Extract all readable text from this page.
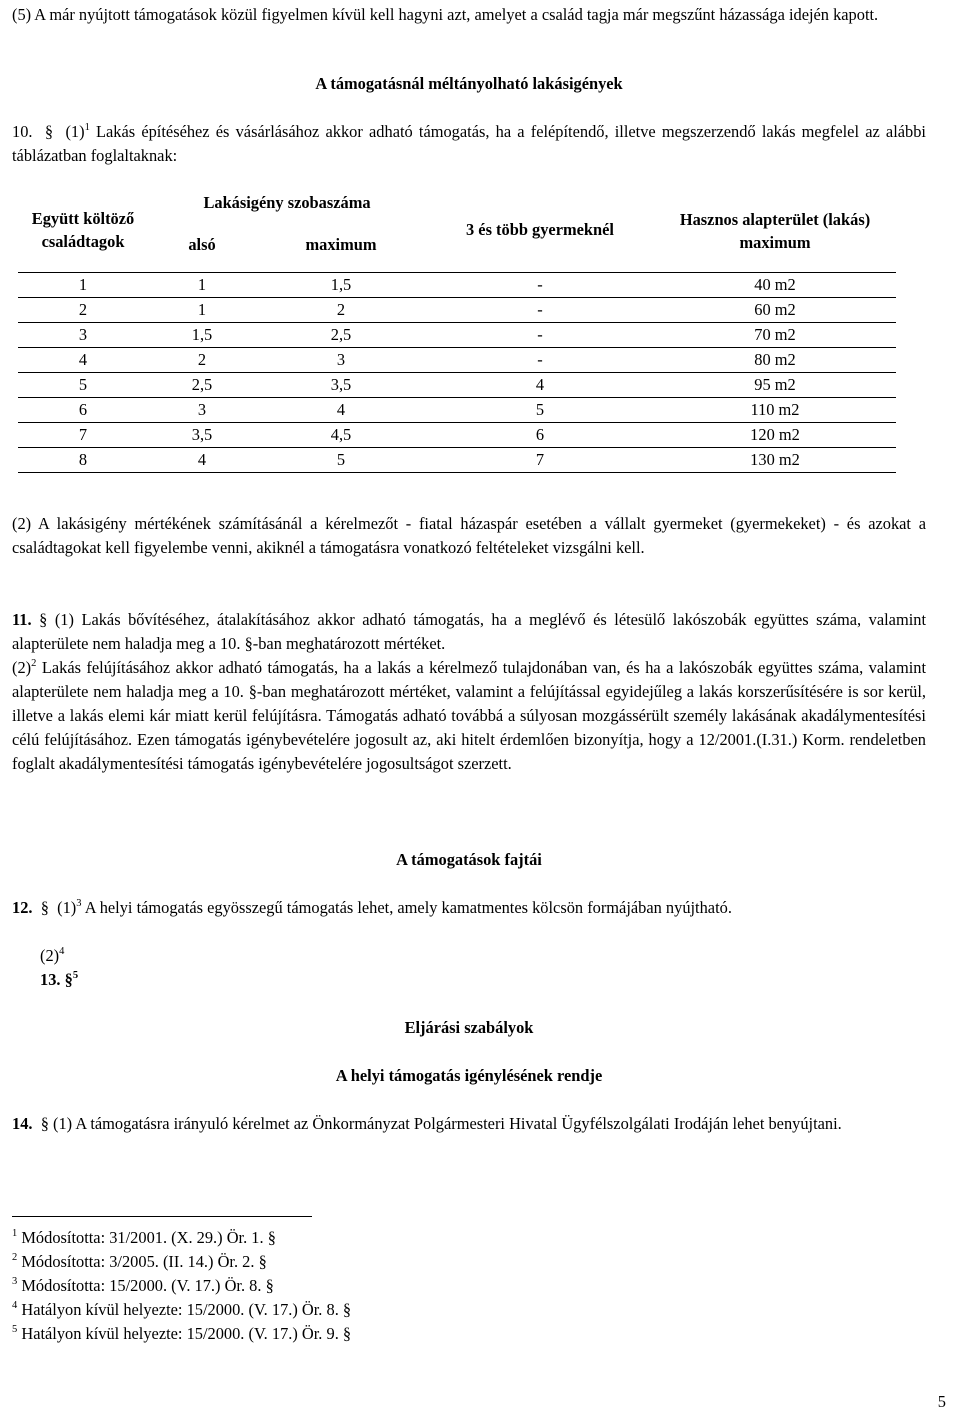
(5) A már nyújtott támogatások közül figyelmen kívül kell hagyni azt, amelyet a család tagja már megszűnt házassága idején kapott.

A támogatásnál méltányolható lakásigények

10. § $(1)^1$ Lakás építéséhez és vásárlásához akkor adható támogatás, ha a felépítendő, illetve megszerzendő lakás megfelel az alábbi táblázatban foglaltaknak:

Együtt költöző családtagok	Lakásigény szobaszáma		3 és több gyermeknél	Hasznos alapterület (lakás) maximum
	alsó	maximum		
1	1	1,5	-	40 m2
2	1	2	-	60 m2
3	1,5	2,5	-	70 m2
4	2	3	-	80 m2
5	2,5	3,5	4	95 m2
6	3	4	5	110 m2
7	3,5	4,5	6	120 m2
8	4	5	7	130 m2

(2) A lakásigény mértékének számításánál a kérelmezőt - fiatal házaspár esetében a vállalt gyermeket (gyermekeket) - és azokat a családtagokat kell figyelembe venni, akiknél a támogatásra vonatkozó feltételeket vizsgálni kell.

11. § (1) Lakás bővítéséhez, átalakításához akkor adható támogatás, ha a meglévő és létesülő lakószobák együttes száma, valamint alapterülete nem haladja meg a 10. §-ban meghatározott mértéket.

$(2)^2$ Lakás felújításához akkor adható támogatás, ha a lakás a kérelmező tulajdonában van, és ha a lakószobák együttes száma, valamint alapterülete nem haladja meg a 10. §-ban meghatározott mértéket, valamint a felújítással egyidejűleg a lakás korszerűsítésére is sor kerül, illetve a lakás elemi kár miatt kerül felújításra. Támogatás adható továbbá a súlyosan mozgássérült személy lakásának akadálymentesítési célú felújításához. Ezen támogatás igénybevételére jogosult az, aki hitelt érdemlően bizonyítja, hogy a 12/2001.(I.31.) Korm. rendeletben foglalt akadálymentesítési támogatás igénybevételére jogosultságot szerzett.

A támogatások fajtái

12. § $(1)^3$ A helyi támogatás egyösszegű támogatás lehet, amely kamatmentes kölcsön formájában nyújtható.

$(2)^4$

13. §$^5$

Eljárási szabályok

A helyi támogatás igénylésének rendje

14. § (1) A támogatásra irányuló kérelmet az Önkormányzat Polgármesteri Hivatal Ügyfélszolgálati Irodáján lehet benyújtani.

$^1$ Módosította: 31/2001. (X. 29.) Ör. 1. §
$^2$ Módosította: 3/2005. (II. 14.) Ör. 2. §
$^3$ Módosította: 15/2000. (V. 17.) Ör. 8. §
$^4$ Hatályon kívül helyezte: 15/2000. (V. 17.) Ör. 8. §
$^5$ Hatályon kívül helyezte: 15/2000. (V. 17.) Ör. 9. §
5
